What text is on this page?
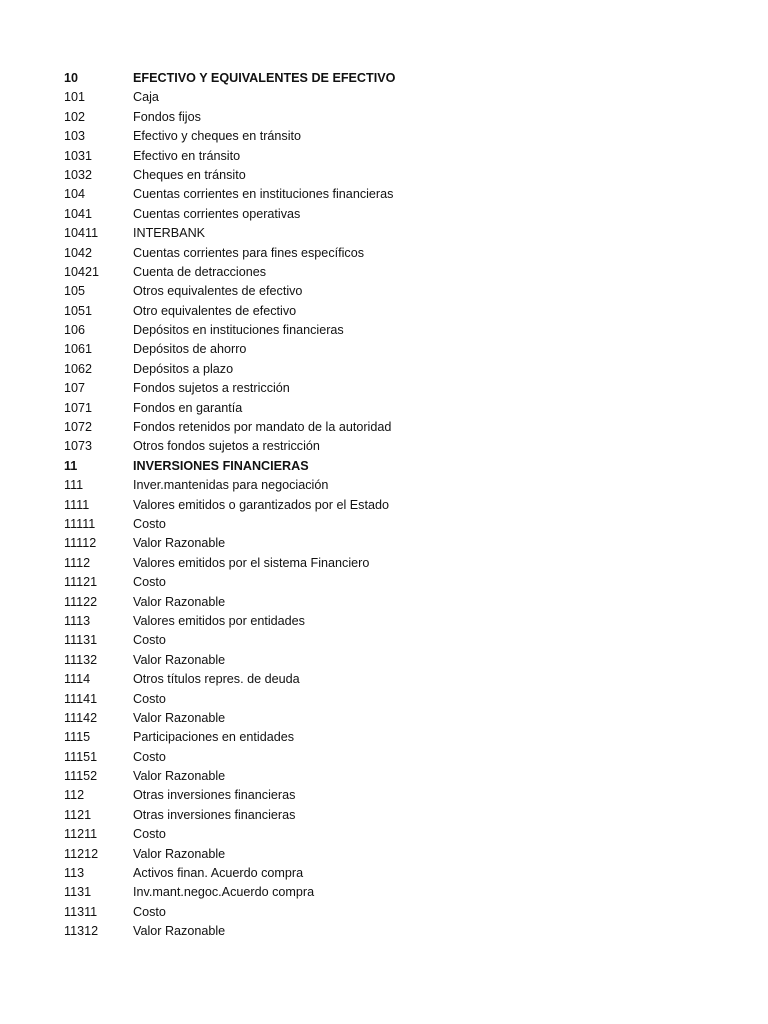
10	EFECTIVO Y EQUIVALENTES DE EFECTIVO
101	Caja
102	Fondos fijos
103	Efectivo y cheques en tránsito
1031	Efectivo en tránsito
1032	Cheques en tránsito
104	Cuentas corrientes en instituciones financieras
1041	Cuentas corrientes operativas
10411	INTERBANK
1042	Cuentas corrientes para fines específicos
10421	Cuenta de detracciones
105	Otros equivalentes de efectivo
1051	Otro equivalentes de efectivo
106	Depósitos en instituciones financieras
1061	Depósitos de ahorro
1062	Depósitos a plazo
107	Fondos sujetos a restricción
1071	Fondos en garantía
1072	Fondos retenidos por mandato de la autoridad
1073	Otros fondos sujetos a restricción
11	INVERSIONES FINANCIERAS
111	Inver.mantenidas para negociación
1111	Valores emitidos o garantizados por el Estado
11111	Costo
11112	Valor Razonable
1112	Valores emitidos por el sistema Financiero
11121	Costo
11122	Valor Razonable
1113	Valores emitidos por entidades
11131	Costo
11132	Valor Razonable
1114	Otros títulos repres. de deuda
11141	Costo
11142	Valor Razonable
1115	Participaciones en entidades
11151	Costo
11152	Valor Razonable
112	Otras inversiones financieras
1121	Otras inversiones financieras
11211	Costo
11212	Valor Razonable
113	Activos finan. Acuerdo compra
1131	Inv.mant.negoc.Acuerdo compra
11311	Costo
11312	Valor Razonable
